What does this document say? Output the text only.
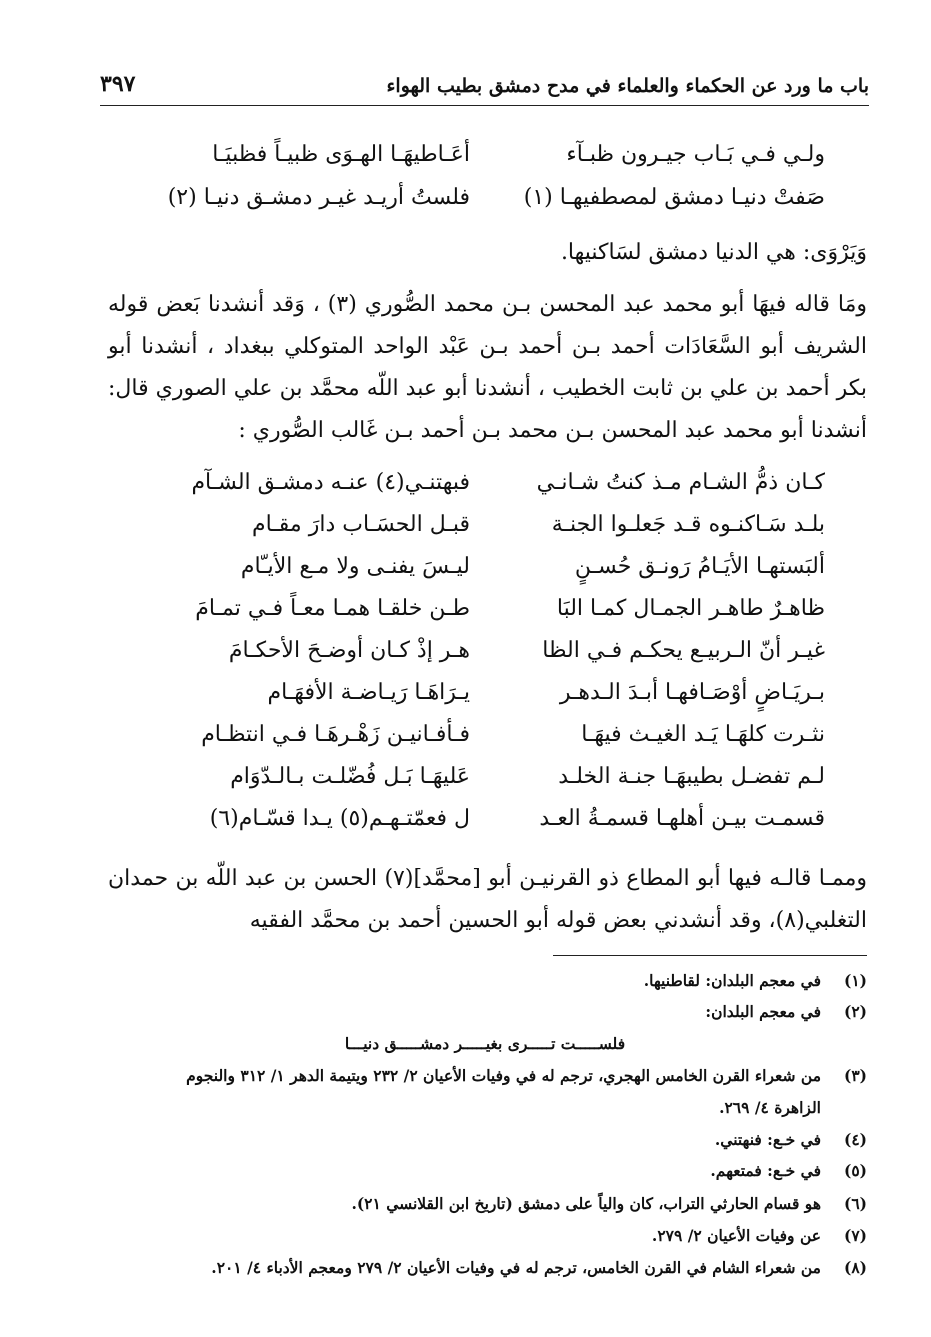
٣٩٧	باب ما ورد عن الحكماء والعلماء في مدح دمشق بطيب الهواء
ولـي فـي بَـاب جيـرون ظبـآء
أعَـاطيهَـا الهـوَى ظبيـاً فظبيَـا
صَفتْ دنيـا دمشق لمصطفيهـا (١)
فلستُ أريـد غيـر دمشـق دنيـا (٢)

وَيَرْوَى: هي الدنيا دمشق لسَاكنيها.

ومَا قاله فيهَا أبو محمد عبد المحسن بـن محمد الصُّوري (٣) ، وَقد أنشدنا بَعض قوله الشريف أبو السَّعَادَات أحمد بـن أحمد بـن عَبْد الواحد المتوكلي ببغداد ، أنشدنا أبو بكر أحمد بن علي بن ثابت الخطيب ، أنشدنا أبو عبد اللّه محمَّد بن علي الصوري قال: أنشدنا أبو محمد عبد المحسن بـن محمد بـن أحمد بـن غَالب الصُّوري :

كـان ذمُّ الشـام مـذ كنتُ شـانـي
فبهتنـي(٤) عنـه دمشـق الشـآم
بلـد سَـاكنـوه قـد جَعلـوا الجنـة
قبـل الحسَـاب دارَ مقـام
ألبَستهـا الأيَـامُ رَونـق حُسـنٍ
ليـسَ يفنـى ولا مـع الأيـّام
ظاهـرٌ طاهـر الجمـال كمـا البَا
طـن خلقـا همـا معـاً فـي تمـامَ
غيـر أنّ الـربيـع يحكـم فـي الظا
هـر إذْ كـان أوضـحَ الأحكـامَ
بـريَـاضٍ أوْصَـافهـا أبـدَ الـدهـر
يـرَاهَـا رَيـاضـة الأفهَـام
نثـرت كلهَـا يَـد الغيـث فيهَـا
فـأفـانيـن زَهْـرهَـا فـي انتظـام
لـم تفضـل بطيبهَـا جنـة الخلـد
عَليهَـا بَـل فُضّلـت بـالـدّوَام
قسمـت بيـن أهلهـا قسمـةُ العـد
ل فعمّتـهـم(٥) يـدا قسّـام(٦)

وممـا قالـه فيها أبو المطاع ذو القرنيـن أبو [محمَّد](٧) الحسن بن عبد اللّه بن حمدان التغلبي(٨)، وقد أنشدني بعض قوله أبو الحسين أحمد بن محمَّد الفقيه

(١)في معجم البلدان: لقاطنيها.
(٢)في معجم البلدان:
فلســـــت تـــــرى بغيـــــر دمشـــــق دنيـــا
(٣)من شعراء القرن الخامس الهجري، ترجم له في وفيات الأعيان ٢/ ٢٣٢ ويتيمة الدهر ١/ ٣١٢ والنجوم
الزاهرة ٤/ ٢٦٩.
(٤)في خـع: فنهتني.
(٥)في خـع: فمتعهم.
(٦)هو قسام الحارثي التراب، كان والياً على دمشق (تاريخ ابن القلانسي ٢١).
(٧)عن وفيات الأعيان ٢/ ٢٧٩.
(٨)من شعراء الشام في القرن الخامس، ترجم له في وفيات الأعيان ٢/ ٢٧٩ ومعجم الأدباء ٤/ ٢٠١.
